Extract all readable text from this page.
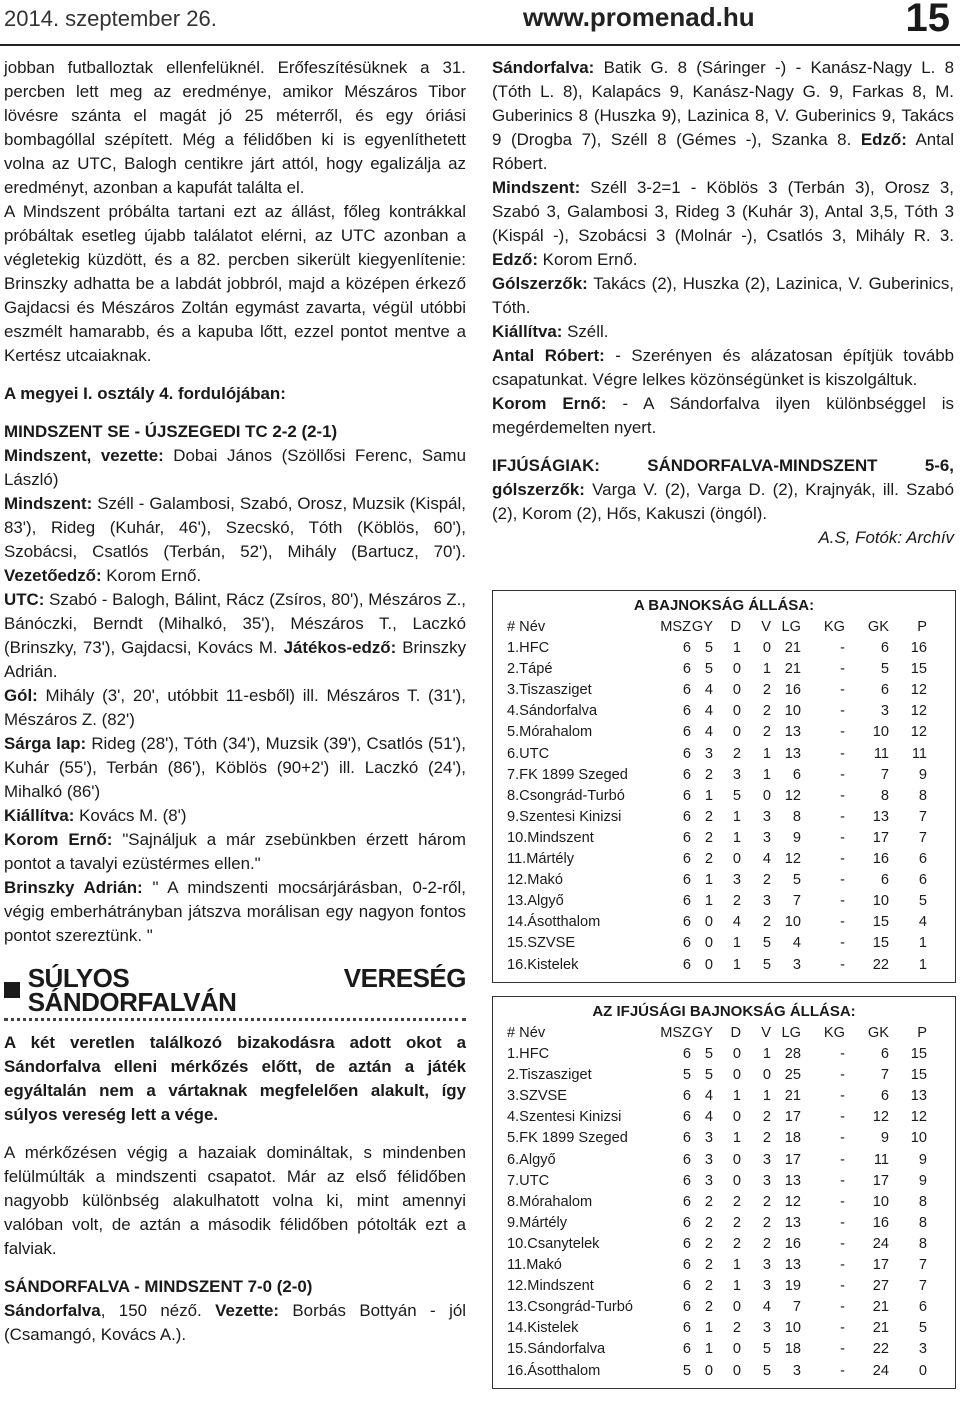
2014. szeptember 26.	www.promenad.hu	15

jobban futballoztak ellenfelüknél. Erőfeszítésüknek a 31. percben lett meg az eredménye, amikor Mészáros Tibor lövésre szánta el magát jó 25 méterről, és egy óriási bombagóllal szépített. Még a félidőben ki is egyenlíthetett volna az UTC, Balogh centikre járt attól, hogy egalizálja az eredményt, azonban a kapufát találta el.

A Mindszent próbálta tartani ezt az állást, főleg kontrákkal próbáltak esetleg újabb találatot elérni, az UTC azonban a végletekig küzdött, és a 82. percben sikerült kiegyenlítenie: Brinszky adhatta be a labdát jobbról, majd a középen érkező Gajdacsi és Mészáros Zoltán egymást zavarta, végül utóbbi eszmélt hamarabb, és a kapuba lőtt, ezzel pontot mentve a Kertész utcaiaknak.

A megyei I. osztály 4. fordulójában:

MINDSZENT SE - ÚJSZEGEDI TC 2-2 (2-1)

Mindszent, vezette: Dobai János (Szöllősi Ferenc, Samu László)

Mindszent: Széll - Galambosi, Szabó, Orosz, Muzsik (Kispál, 83'), Rideg (Kuhár, 46'), Szecskó, Tóth (Köblös, 60'), Szobácsi, Csatlós (Terbán, 52'), Mihály (Bartucz, 70'). Vezetőedző: Korom Ernő.

UTC: Szabó - Balogh, Bálint, Rácz (Zsíros, 80'), Mészáros Z., Bánóczki, Berndt (Mihalkó, 35'), Mészáros T., Laczkó (Brinszky, 73'), Gajdacsi, Kovács M. Játékos-edző: Brinszky Adrián.

Gól: Mihály (3', 20', utóbbit 11-esből) ill. Mészáros T. (31'), Mészáros Z. (82')

Sárga lap: Rideg (28'), Tóth (34'), Muzsik (39'), Csatlós (51'), Kuhár (55'), Terbán (86'), Köblös (90+2') ill. Laczkó (24'), Mihalkó (86')

Kiállítva: Kovács M. (8')

Korom Ernő: "Sajnáljuk a már zsebünkben érzett három pontot a tavalyi ezüstérmes ellen."

Brinszky Adrián: " A mindszenti mocsárjárásban, 0-2-ről, végig emberhátrányban játszva morálisan egy nagyon fontos pontot szereztünk. "

SÚLYOS VERESÉG SÁNDORFALVÁN

A két veretlen találkozó bizakodásra adott okot a Sándorfalva elleni mérkőzés előtt, de aztán a játék egyáltalán nem a vártaknak megfelelően alakult, így súlyos vereség lett a vége.

A mérkőzésen végig a hazaiak domináltak, s mindenben felülmúlták a mindszenti csapatot. Már az első félidőben nagyobb különbség alakulhatott volna ki, mint amennyi valóban volt, de aztán a második félidőben pótolták ezt a falviak.

SÁNDORFALVA - MINDSZENT 7-0 (2-0)

Sándorfalva, 150 néző. Vezette: Borbás Bottyán - jól (Csamangó, Kovács A.).

Sándorfalva: Batik G. 8 (Sáringer -) - Kanász-Nagy L. 8 (Tóth L. 8), Kalapács 9, Kanász-Nagy G. 9, Farkas 8, M. Guberinics 8 (Huszka 9), Lazinica 8, V. Guberinics 9, Takács 9 (Drogba 7), Széll 8 (Gémes -), Szanka 8. Edző: Antal Róbert.

Mindszent: Széll 3-2=1 - Köblös 3 (Terbán 3), Orosz 3, Szabó 3, Galambosi 3, Rideg 3 (Kuhár 3), Antal 3,5, Tóth 3 (Kispál -), Szobácsi 3 (Molnár -), Csatlós 3, Mihály R. 3. Edző: Korom Ernő.

Gólszerzők: Takács (2), Huszka (2), Lazinica, V. Guberinics, Tóth.

Kiállítva: Széll.

Antal Róbert: - Szerényen és alázatosan építjük tovább csapatunkat. Végre lelkes közönségünket is kiszolgáltuk.

Korom Ernő: - A Sándorfalva ilyen különbséggel is megérdemelten nyert.

IFJÚSÁGIAK: SÁNDORFALVA-MINDSZENT 5-6, gólszerzők: Varga V. (2), Varga D. (2), Krajnyák, ill. Szabó (2), Korom (2), Hős, Kakuszi (öngól).

A.S, Fotók: Archív

A BAJNOKSÁG ÁLLÁSA:
# Név	MSZ GY	D	V LG	KG	GK	P
1.HFC	6 5	1	0 21	-	6	16
2.Tápé	6 5	0	1 21	-	5	15
3.Tiszasziget	6 4	0	2 16	-	6	12
4.Sándorfalva	6 4	0	2 10	-	3	12
5.Mórahalom	6 4	0	2 13	-	10	12
6.UTC	6 3	2	1 13	-	11	11
7.FK 1899 Szeged	6 2	3	1	6	-	7	9
8.Csongrád-Turbó	6 1	5	0 12	-	8	8
9.Szentesi Kinizsi	6 2	1	3	8	-	13	7
10.Mindszent	6 2	1	3	9	-	17	7
11.Mártély	6 2	0	4 12	-	16	6
12.Makó	6 1	3	2	5	-	6	6
13.Algyő	6 1	2	3	7	-	10	5
14.Ásotthalom	6 0	4	2 10	-	15	4
15.SZVSE	6 0	1	5	4	-	15	1
16.Kistelek	6 0	1	5	3	-	22	1
AZ IFJÚSÁGI BAJNOKSÁG ÁLLÁSA:
# Név	MSZ GY	D	V LG	KG	GK	P
1.HFC	6 5	0	1 28	-	6	15
2.Tiszasziget	5 5	0	0 25	-	7	15
3.SZVSE	6 4	1	1 21	-	6	13
4.Szentesi Kinizsi	6 4	0	2 17	-	12	12
5.FK 1899 Szeged	6 3	1	2 18	-	9	10
6.Algyő	6 3	0	3 17	-	11	9
7.UTC	6 3	0	3 13	-	17	9
8.Mórahalom	6 2	2	2 12	-	10	8
9.Mártély	6 2	2	2 13	-	16	8
10.Csanytelek	6 2	2	2 16	-	24	8
11.Makó	6 2	1	3 13	-	17	7
12.Mindszent	6 2	1	3 19	-	27	7
13.Csongrád-Turbó	6 2	0	4	7	-	21	6
14.Kistelek	6 1	2	3 10	-	21	5
15.Sándorfalva	6 1	0	5 18	-	22	3
16.Ásotthalom	5 0	0	5	3	-	24	0
